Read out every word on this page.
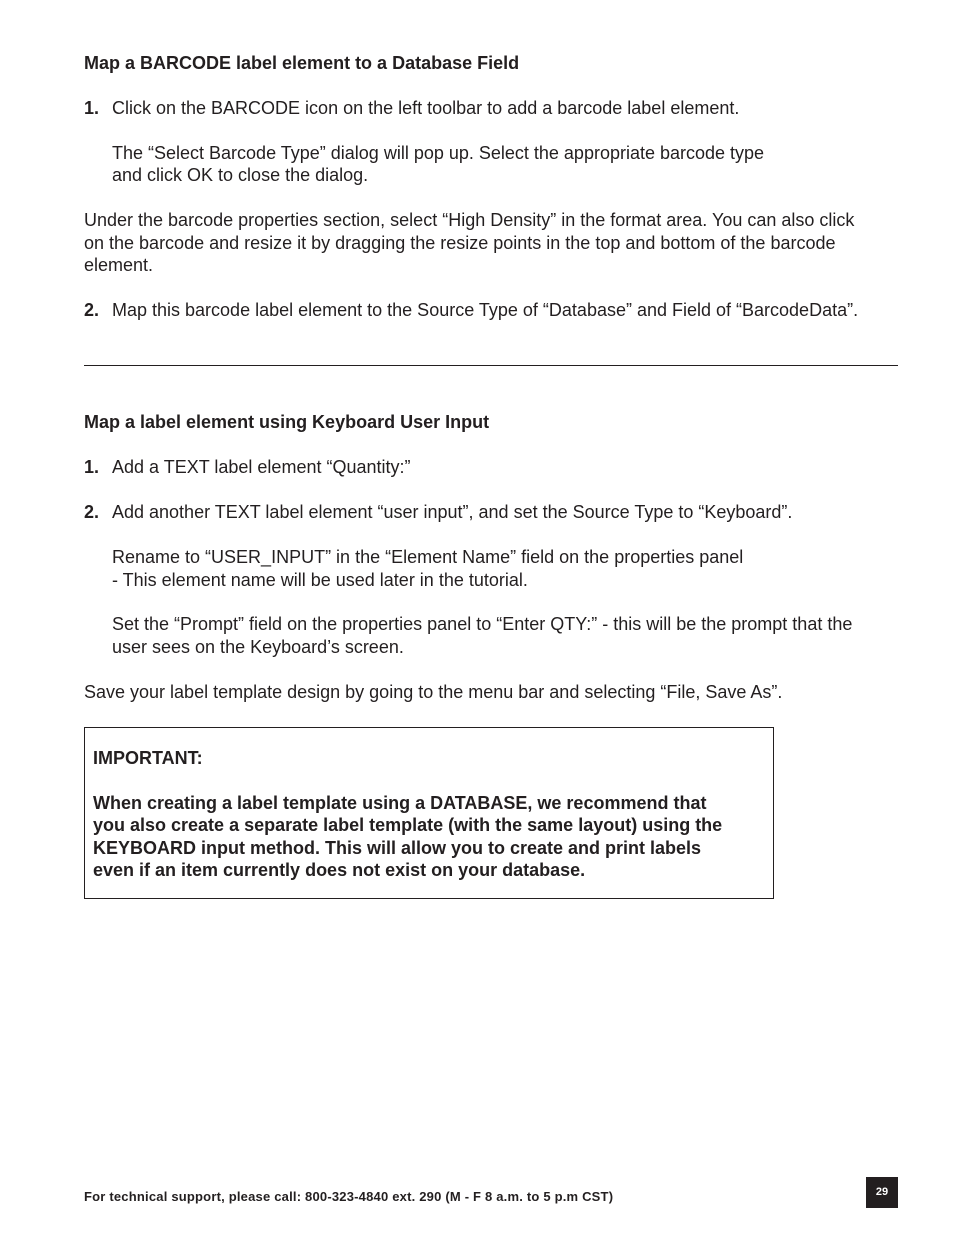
Map a BARCODE label element to a Database Field
1. Click on the BARCODE icon on the left toolbar to add a barcode label element.
The “Select Barcode Type” dialog will pop up. Select the appropriate barcode type
and click OK to close the dialog.
Under the barcode properties section, select “High Density” in the format area. You can also click
on the barcode and resize it by dragging the resize points in the top and bottom of the barcode
element.
2. Map this barcode label element to the Source Type of “Database” and Field of “BarcodeData”.
Map a label element using Keyboard User Input
1. Add a TEXT label element “Quantity:”
2. Add another TEXT label element “user input”, and set the Source Type to “Keyboard”.
Rename to “USER_INPUT” in the “Element Name” field on the properties panel
- This element name will be used later in the tutorial.
Set the “Prompt” field on the properties panel to “Enter QTY:” - this will be the prompt that the
user sees on the Keyboard’s screen.
Save your label template design by going to the menu bar and selecting “File, Save As”.
IMPORTANT:
When creating a label template using a DATABASE, we recommend that
you also create a separate label template (with the same layout) using the
KEYBOARD input method. This will allow you to create and print labels
even if an item currently does not exist on your database.
For technical support, please call: 800-323-4840 ext. 290 (M - F 8 a.m. to 5 p.m CST)	29
